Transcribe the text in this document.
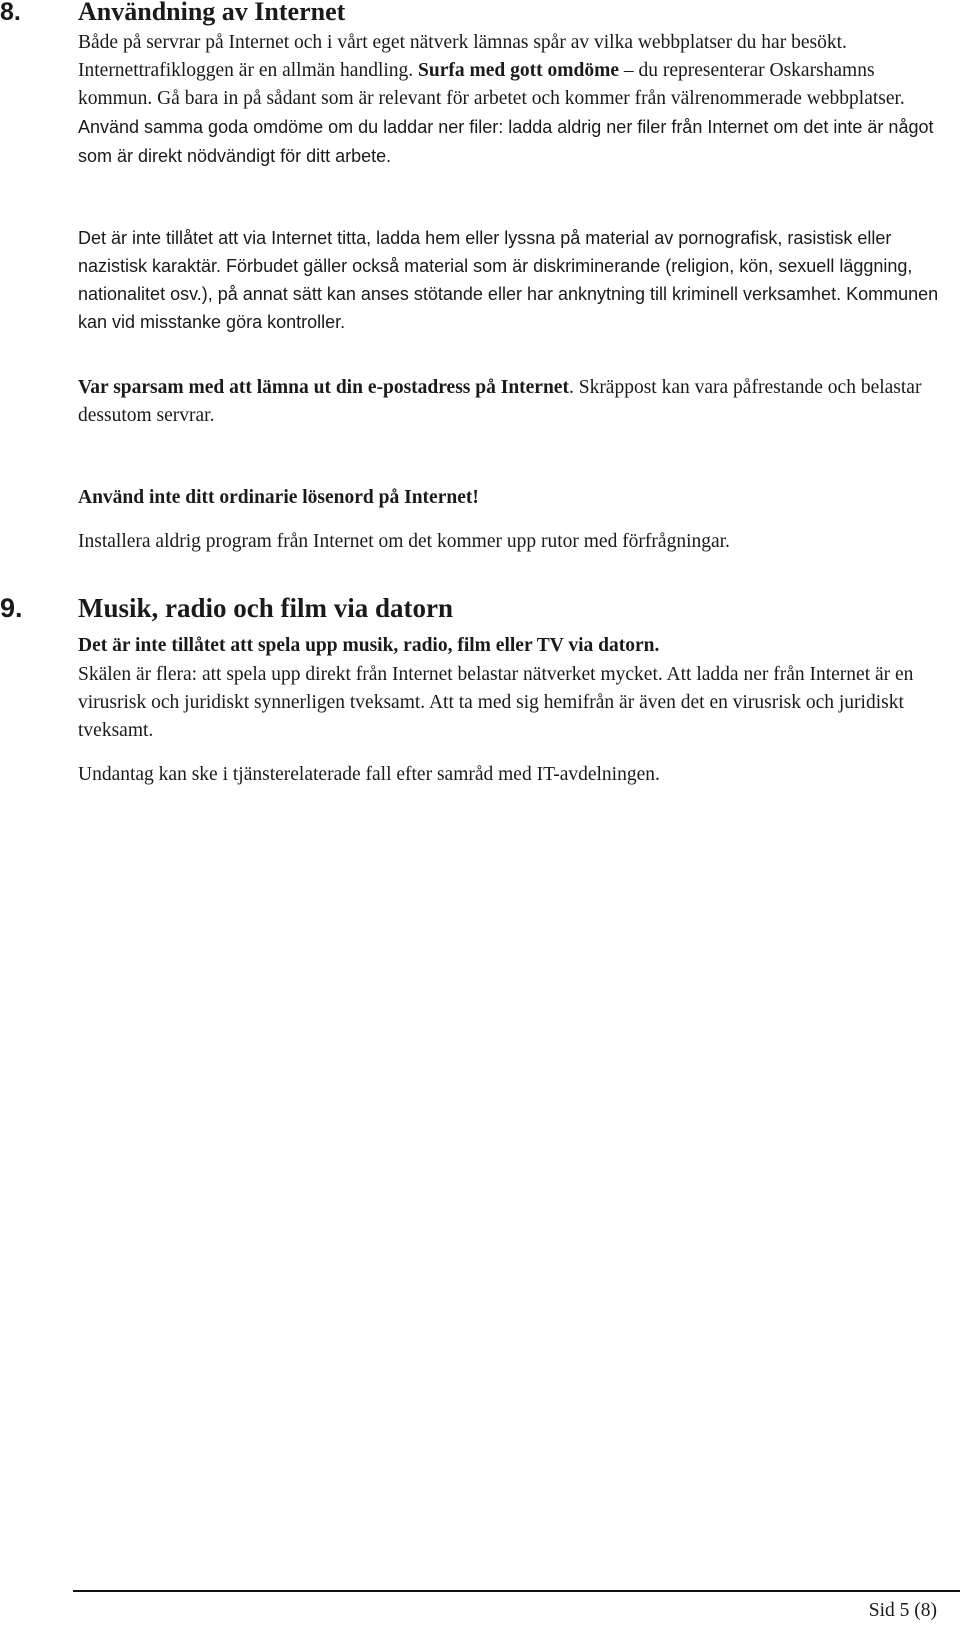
8. Användning av Internet

Både på servrar på Internet och i vårt eget nätverk lämnas spår av vilka webbplatser du har besökt. Internettrafikloggen är en allmän handling. Surfa med gott omdöme – du representerar Oskarshamns kommun. Gå bara in på sådant som är relevant för arbetet och kommer från välrenommerade webbplatser. Använd samma goda omdöme om du laddar ner filer: ladda aldrig ner filer från Internet om det inte är något som är direkt nödvändigt för ditt arbete.

Det är inte tillåtet att via Internet titta, ladda hem eller lyssna på material av pornografisk, rasistisk eller nazistisk karaktär. Förbudet gäller också material som är diskriminerande (religion, kön, sexuell läggning, nationalitet osv.), på annat sätt kan anses stötande eller har anknytning till kriminell verksamhet. Kommunen kan vid misstanke göra kontroller.

Var sparsam med att lämna ut din e-postadress på Internet. Skräppost kan vara påfrestande och belastar dessutom servrar.

Använd inte ditt ordinarie lösenord på Internet!

Installera aldrig program från Internet om det kommer upp rutor med förfrågningar.

9. Musik, radio och film via datorn

Det är inte tillåtet att spela upp musik, radio, film eller TV via datorn.

Skälen är flera: att spela upp direkt från Internet belastar nätverket mycket. Att ladda ner från Internet är en virusrisk och juridiskt synnerligen tveksamt. Att ta med sig hemifrån är även det en virusrisk och juridiskt tveksamt.

Undantag kan ske i tjänsterelaterade fall efter samråd med IT-avdelningen.

Sid 5 (8)
